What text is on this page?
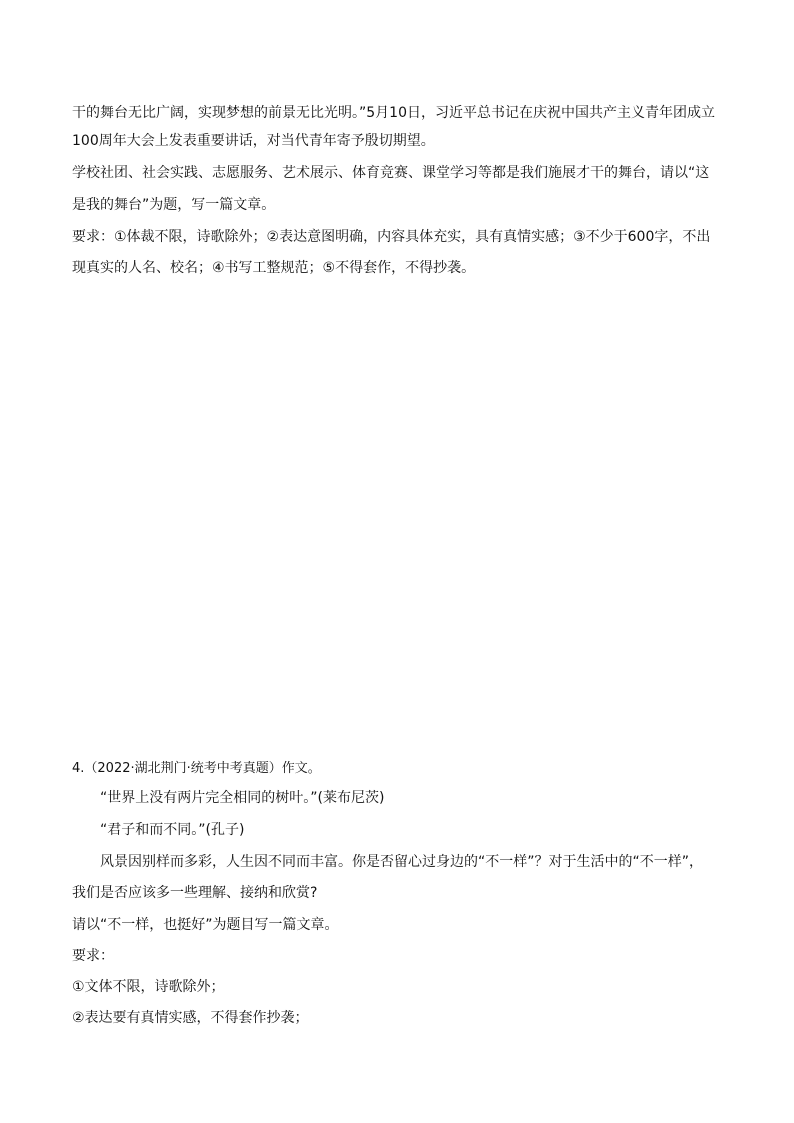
干的舞台无比广阔，实现梦想的前景无比光明。”5月10日，习近平总书记在庆祝中国共产主义青年团成立

100周年大会上发表重要讲话，对当代青年寄予殷切期望。

学校社团、社会实践、志愿服务、艺术展示、体育竞赛、课堂学习等都是我们施展才干的舞台，请以“这

是我的舞台”为题，写一篇文章。

要求：①体裁不限，诗歌除外；②表达意图明确，内容具体充实，具有真情实感；③不少于600字，不出

现真实的人名、校名；④书写工整规范；⑤不得套作，不得抄袭。

4.（2022·湖北荆门·统考中考真题）作文。

“世界上没有两片完全相同的树叶。”(莱布尼茨)

“君子和而不同。”(孔子)

风景因别样而多彩，人生因不同而丰富。你是否留心过身边的“不一样”？对于生活中的“不一样”，

我们是否应该多一些理解、接纳和欣赏?

请以“不一样，也挺好”为题目写一篇文章。

要求：

①文体不限，诗歌除外；

②表达要有真情实感，不得套作抄袭；
